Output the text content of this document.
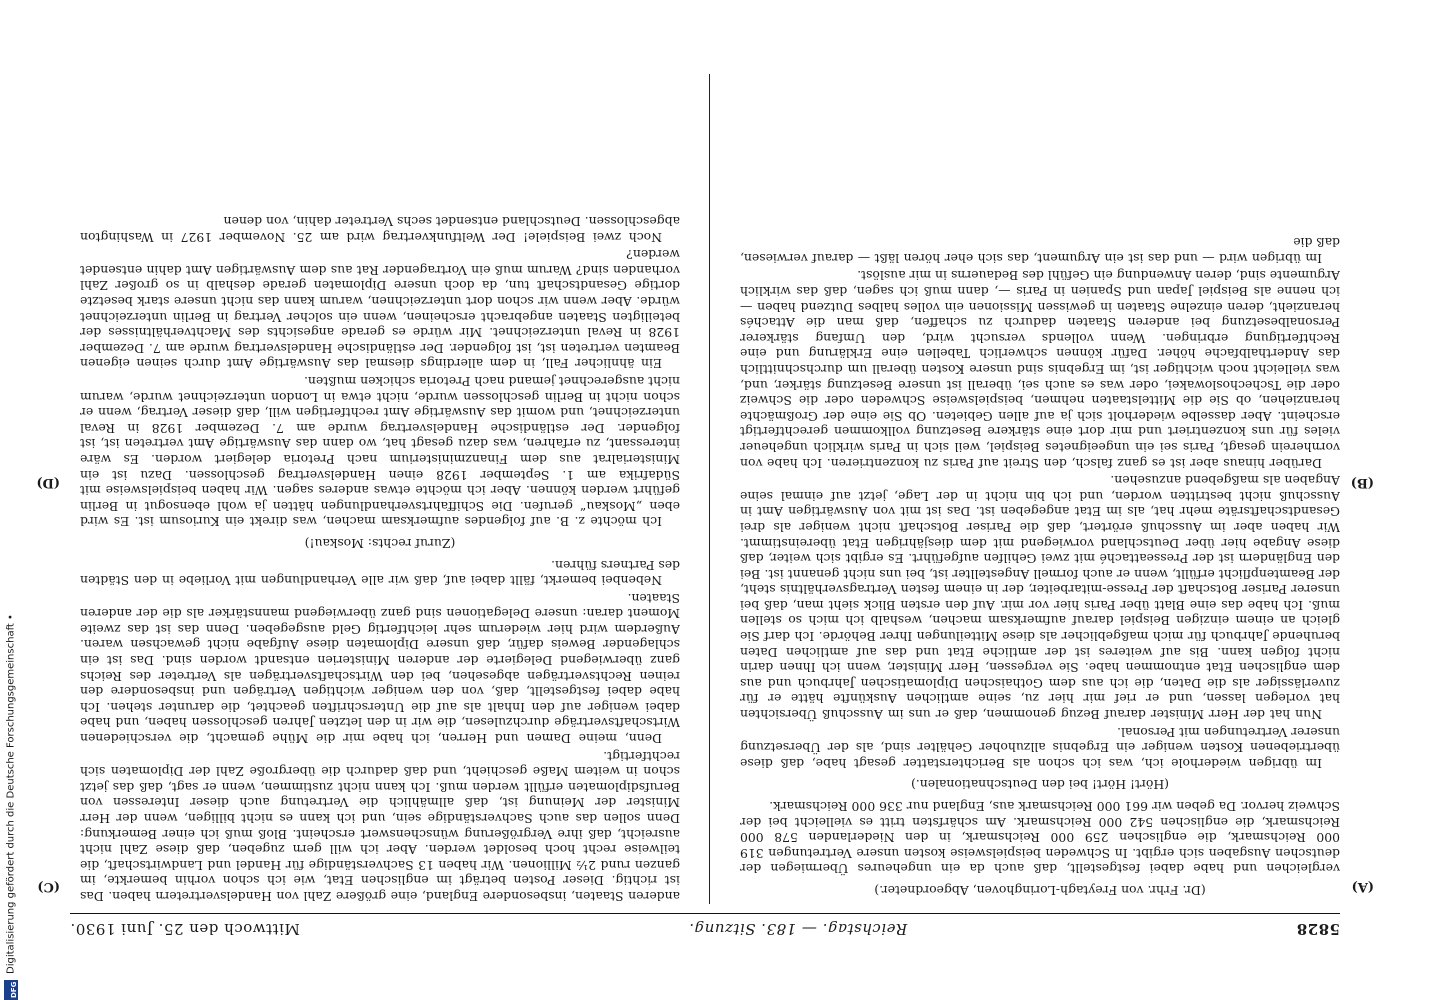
5828
Reichstag. — 183. Sitzung.
Mittwoch den 25. Juni 1930.
(A)
(B)
(C)
(D)

(Dr. Frhr. von Freytagh-Loringhoven, Abgeordneter.)

vergleichen und habe dabei festgestellt, daß auch da ein ungeheures Übermiegen der deutschen Ausgaben sich ergibt. In Schweden beispielsweise kosten unsere Vertretungen 319 000 Reichsmark, die englischen 259 000 Reichsmark, in den Niederlanden 578 000 Reichsmark, die englischen 542 000 Reichsmark. Am schärfsten tritt es vielleicht bei der Schweiz hervor. Da geben wir 661 000 Reichsmark aus, England nur 336 000 Reichsmark.

(Hört! Hört! bei den Deutschnationalen.)

Im übrigen wiederhole ich, was ich schon als Berichterstatter gesagt habe, daß diese übertriebenen Kosten weniger ein Ergebnis allzuhoher Gehälter sind, als der Übersetzung unserer Vertretungen mit Personal.

Nun hat der Herr Minister darauf Bezug genommen, daß er uns im Ausschuß Übersichten hat vorlegen lassen, und er rief mir hier zu, seine amtlichen Auskünfte hätte er für zuverlässiger als die Daten, die ich aus dem Gothaischen Diplomatischen Jahrbuch und aus dem englischen Etat entnommen habe. Sie vergessen, Herr Minister, wenn ich Ihnen darin nicht folgen kann. Bis auf weiteres ist der amtliche Etat und das auf amtlichen Daten beruhende Jahrbuch für mich maßgeblicher als diese Mitteilungen Ihrer Behörde. Ich darf Sie gleich an einem einzigen Beispiel darauf aufmerksam machen, weshalb ich mich so stellen muß. Ich habe das eine Blatt über Paris hier vor mir. Auf den ersten Blick sieht man, daß bei unserer Pariser Botschaft der Presse-mitarbeiter, der in einem festen Vertragsverhältnis steht, der Beamtenpflicht erfüllt, wenn er auch formell Angestellter ist, bei uns nicht genannt ist. Bei den Engländern ist der Presseattaché mit zwei Gehilfen aufgeführt. Es ergibt sich weiter, daß diese Angabe hier über Deutschland vorwiegend mit dem diesjährigen Etat übereinstimmt. Wir haben aber im Ausschuß erörtert, daß die Pariser Botschaft nicht weniger als drei Gesandtschaftsräte mehr hat, als im Etat angegeben ist. Das ist mit von Auswärtigen Amt in Ausschuß nicht bestritten worden, und ich bin nicht in der Lage, jetzt auf einmal seine Angaben als maßgebend anzusehen.

Darüber hinaus aber ist es ganz falsch, den Streit auf Paris zu konzentrieren. Ich habe von vornherein gesagt, Paris sei ein ungeeignetes Beispiel, weil sich in Paris wirklich ungeheuer vieles für uns konzentriert und mir dort eine stärkere Besetzung vollkommen gerechtfertigt erscheint. Aber dasselbe wiederholt sich ja auf allen Gebieten. Ob Sie eine der Großmächte heranziehen, ob Sie die Mittelstaaten nehmen, beispielsweise Schweden oder die Schweiz oder die Tschechoslowakei, oder was es auch sei, überall ist unsere Besetzung stärker, und, was vielleicht noch wichtiger ist, im Ergebnis sind unsere Kosten überall um durchschnittlich das Anderthalbfache höher. Dafür können schwerlich Tabellen eine Erklärung und eine Rechtfertigung erbringen. Wenn vollends versucht wird, den Umfang stärkerer Personalbesetzung bei anderen Staaten dadurch zu schaffen, daß man die Attachés heranzieht, deren einzelne Staaten in gewissen Missionen ein volles halbes Dutzend haben — ich nenne als Beispiel Japan und Spanien in Paris —, dann muß ich sagen, daß das wirklich Argumente sind, deren Anwendung ein Gefühl des Bedauerns in mir auslöst.

Im übrigen wird — und das ist ein Argument, das sich eher hören läßt — darauf verwiesen, daß die

anderen Staaten, insbesondere England, eine größere Zahl von Handelsvertretern haben. Das ist richtig. Dieser Posten beträgt im englischen Etat, wie ich schon vorhin bemerkte, im ganzen rund 2½ Millionen. Wir haben 13 Sachverständige für Handel und Landwirtschaft, die teilweise recht hoch besoldet werden. Aber ich will gern zugeben, daß diese Zahl nicht ausreicht, daß ihre Vergrößerung wünschenswert erscheint. Bloß muß ich einer Bemerkung: Denn sollen das auch Sachverständige sein, und ich kann es nicht billigen, wenn der Herr Minister der Meinung ist, daß allmählich die Vertretung auch dieser Interessen von Berufsdiplomaten erfüllt werden muß. Ich kann nicht zustimmen, wenn er sagt, daß das jetzt schon in weitem Maße geschieht, und daß dadurch die übergroße Zahl der Diplomaten sich rechtfertigt.

Denn, meine Damen und Herren, ich habe mir die Mühe gemacht, die verschiedenen Wirtschaftsverträge durchzulesen, die wir in den letzten Jahren geschlossen haben, und habe dabei weniger auf den Inhalt als auf die Unterschriften geachtet, die darunter stehen. Ich habe dabei festgestellt, daß, von den weniger wichtigen Verträgen und insbesondere den reinen Rechtsverträgen abgesehen, bei den Wirtschaftsverträgen als Vertreter des Reichs ganz überwiegend Delegierte der anderen Ministerien entsandt worden sind. Das ist ein schlagender Beweis dafür, daß unsere Diplomaten diese Aufgabe nicht gewachsen waren. Außerdem wird hier wiederum sehr leichtfertig Geld ausgegeben. Denn das ist das zweite Moment daran: unsere Delegationen sind ganz überwiegend mannstärker als die der anderen Staaten.

Nebenbei bemerkt, fällt dabei auf, daß wir alle Verhandlungen mit Vorliebe in den Städten des Partners führen.

(Zuruf rechts: Moskau!)

Ich möchte z. B. auf folgendes aufmerksam machen, was direkt ein Kuriosum ist. Es wird eben „Moskau“ gerufen. Die Schiffahrtsverhandlungen hätten ja wohl ebensogut in Berlin geführt werden können. Aber ich möchte etwas anderes sagen. Wir haben beispielsweise mit Südafrika am 1. September 1928 einen Handelsvertrag geschlossen. Dazu ist ein Ministerialrat aus dem Finanzministerium nach Pretoria delegiert worden. Es wäre interessant, zu erfahren, was dazu gesagt hat, wo dann das Auswärtige Amt vertreten ist, ist folgender. Der estländische Handelsvertrag wurde am 7. Dezember 1928 in Reval unterzeichnet, und womit das Auswärtige Amt rechtfertigen will, daß dieser Vertrag, wenn er schon nicht in Berlin geschlossen wurde, nicht etwa in London unterzeichnet wurde, warum nicht ausgerechnet jemand nach Pretoria schicken mußten.

Ein ähnlicher Fall, in dem allerdings diesmal das Auswärtige Amt durch seinen eigenen Beamten vertreten ist, ist folgender. Der estländische Handelsvertrag wurde am 7. Dezember 1928 in Reval unterzeichnet. Mir würde es gerade angesichts des Machtverhältnisses der beteiligten Staaten angebracht erscheinen, wenn ein solcher Vertrag in Berlin unterzeichnet würde. Aber wenn wir schon dort unterzeichnen, warum kann das nicht unsere stark besetzte dortige Gesandtschaft tun, da doch unsere Diplomaten gerade deshalb in so großer Zahl vorhanden sind? Warum muß ein Vortragender Rat aus dem Auswärtigen Amt dahin entsendet werden?

Noch zwei Beispiele! Der Weltfunkvertrag wird am 25. November 1927 in Washington abgeschlossen. Deutschland entsendet sechs Vertreter dahin, von denen

DFG
Digitalisierung gefördert durch die Deutsche Forschungsgemeinschaft •
